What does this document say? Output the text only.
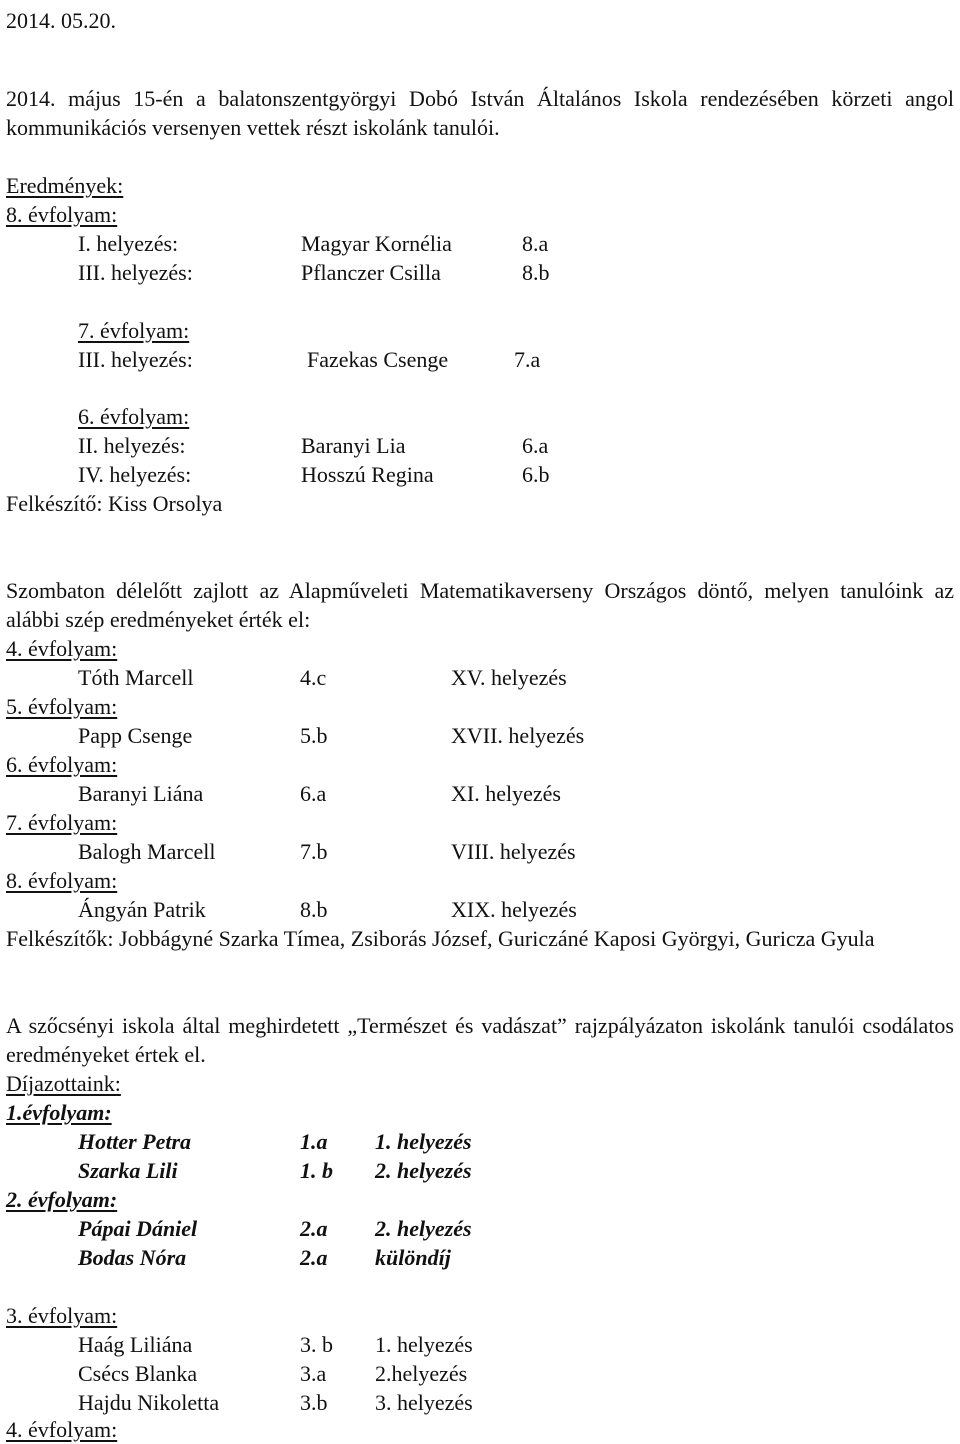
2014. 05.20.
2014. május 15-én a balatonszentgyörgyi Dobó István Általános Iskola rendezésében körzeti angol kommunikációs versenyen vettek részt iskolánk tanulói.
Eredmények:
8. évfolyam:
I. helyezés:	Magyar Kornélia	8.a
III. helyezés:	Pflanczer Csilla	8.b
7. évfolyam:
III. helyezés:	Fazekas Csenge	7.a
6. évfolyam:
II. helyezés:	Baranyi Lia	6.a
IV. helyezés:	Hosszú Regina	6.b
Felkészítő: Kiss Orsolya
Szombaton délelőtt zajlott az Alapműveleti Matematikaverseny Országos döntő, melyen tanulóink az alábbi szép eredményeket érték el:
4. évfolyam:
Tóth Marcell	4.c	XV. helyezés
5. évfolyam:
Papp Csenge	5.b	XVII. helyezés
6. évfolyam:
Baranyi Liána	6.a	XI. helyezés
7. évfolyam:
Balogh Marcell	7.b	VIII. helyezés
8. évfolyam:
Ángyán Patrik	8.b	XIX. helyezés
Felkészítők: Jobbágyné Szarka Tímea, Zsiborás József, Guriczáné Kaposi Györgyi, Guricza Gyula
A szőcsényi iskola által meghirdetett „Természet és vadászat” rajzpályázaton iskolánk tanulói csodálatos eredményeket értek el.
Díjazottaink:
1.évfolyam:
Hotter Petra	1.a 1. helyezés
Szarka Lili	1. b 2. helyezés
2. évfolyam:
Pápai Dániel	2.a 2. helyezés
Bodas Nóra	2.a különdíj
3. évfolyam:
Haág Liliána	3. b 1. helyezés
Csécs Blanka	3.a 2.helyezés
Hajdu Nikoletta	3.b 3. helyezés
4. évfolyam:
